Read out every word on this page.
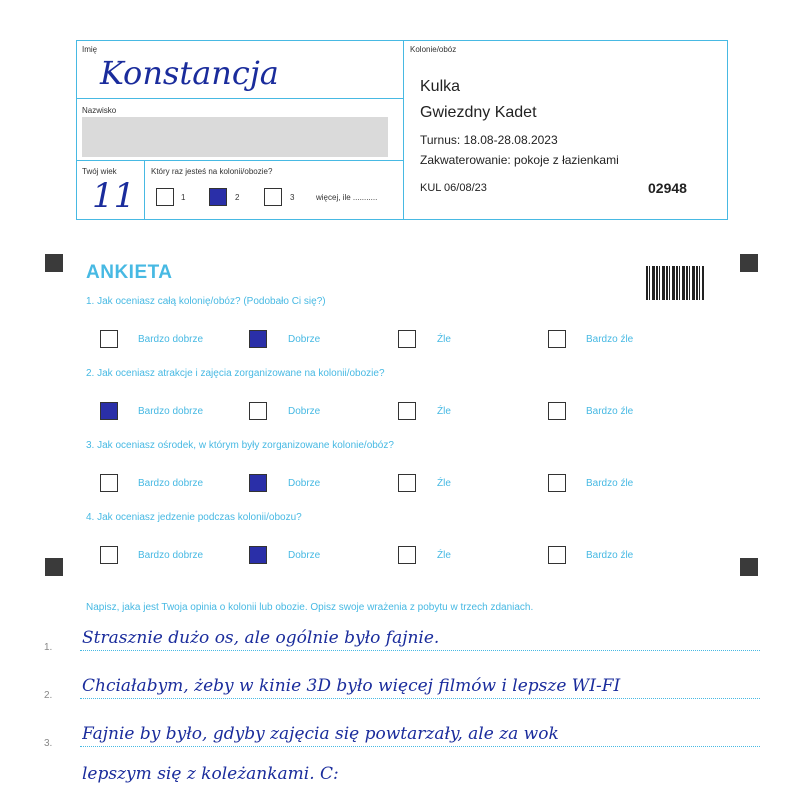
Imię
Konstancja
Nazwisko
Twój wiek
11
Który raz jesteś na kolonii/obozie?
1	2	3	więcej, ile ...........
Kolonie/obóz
Kulka
Gwiezdny Kadet
Turnus: 18.08-28.08.2023
Zakwaterowanie: pokoje z łazienkami
KUL 06/08/23	02948
ANKIETA
1. Jak oceniasz całą kolonię/obóz? (Podobało Ci się?)
Bardzo dobrze	Dobrze	Źle	Bardzo źle
2. Jak oceniasz atrakcje i zajęcia zorganizowane na kolonii/obozie?
Bardzo dobrze	Dobrze	Źle	Bardzo źle
3. Jak oceniasz ośrodek, w którym były zorganizowane kolonie/obóz?
Bardzo dobrze	Dobrze	Źle	Bardzo źle
4. Jak oceniasz jedzenie podczas kolonii/obozu?
Bardzo dobrze	Dobrze	Źle	Bardzo źle
Napisz, jaka jest Twoja opinia o kolonii lub obozie. Opisz swoje wrażenia z pobytu w trzech zdaniach.
1. Strasznie dużo os, ale ogólnie było fajnie.
2. Chciałabym, żeby w kinie 3D było więcej filmów i lepsze WI-FI
3. Fajnie by było, gdyby zajęcia się powtarzały, ale za wok
lepszym się z koleżankami. C:
